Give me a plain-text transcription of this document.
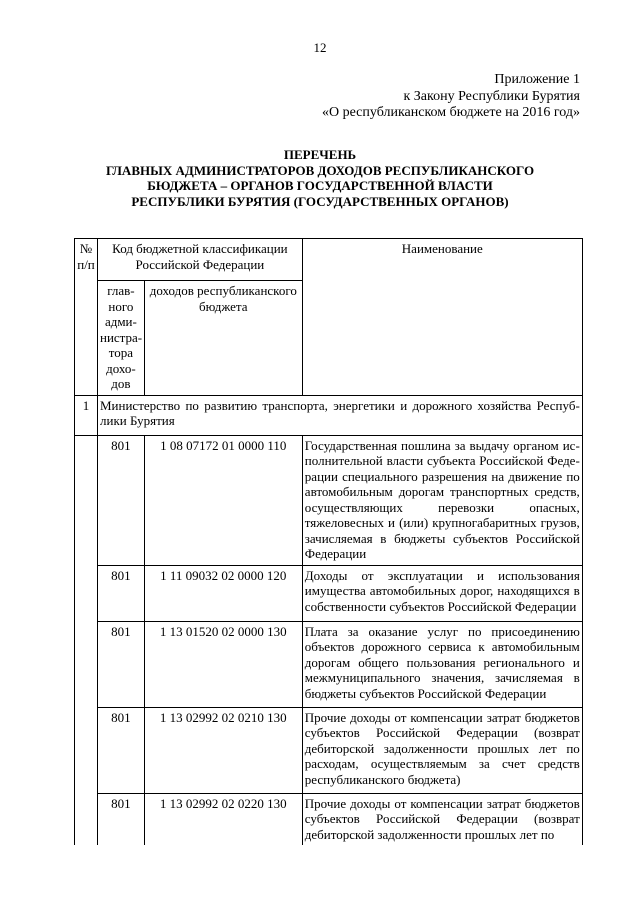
12
Приложение 1
к Закону Республики Бурятия
«О республиканском бюджете на 2016 год»
ПЕРЕЧЕНЬ
ГЛАВНЫХ АДМИНИСТРАТОРОВ ДОХОДОВ РЕСПУБЛИКАНСКОГО
БЮДЖЕТА – ОРГАНОВ ГОСУДАРСТВЕННОЙ ВЛАСТИ
РЕСПУБЛИКИ БУРЯТИЯ (ГОСУДАРСТВЕННЫХ ОРГАНОВ)
№ п/п	Код бюджетной классификации Российской Федерации		Наименование
	главного администратора доходов	доходов республиканского бюджета	
1	Министерство по развитию транспорта, энергетики и дорожного хозяйства Республики Бурятия		
	801	1 08 07172 01 0000 110	Государственная пошлина за выдачу органом исполнительной власти субъекта Российской Федерации специального разрешения на движение по автомобильным дорогам транспортных средств, осуществляющих перевозки опасных, тяжеловесных и (или) крупногабаритных грузов, зачисляемая в бюджеты субъектов Российской Федерации
	801	1 11 09032 02 0000 120	Доходы от эксплуатации и использования имущества автомобильных дорог, находящихся в собственности субъектов Российской Федерации
	801	1 13 01520 02 0000 130	Плата за оказание услуг по присоединению объектов дорожного сервиса к автомобильным дорогам общего пользования регионального и межмуниципального значения, зачисляемая в бюджеты субъектов Российской Федерации
	801	1 13 02992 02 0210 130	Прочие доходы от компенсации затрат бюджетов субъектов Российской Федерации (возврат дебиторской задолженности прошлых лет по расходам, осуществляемым за счет средств республиканского бюджета)
	801	1 13 02992 02 0220 130	Прочие доходы от компенсации затрат бюджетов субъектов Российской Федерации (возврат дебиторской задолженности прошлых лет по
